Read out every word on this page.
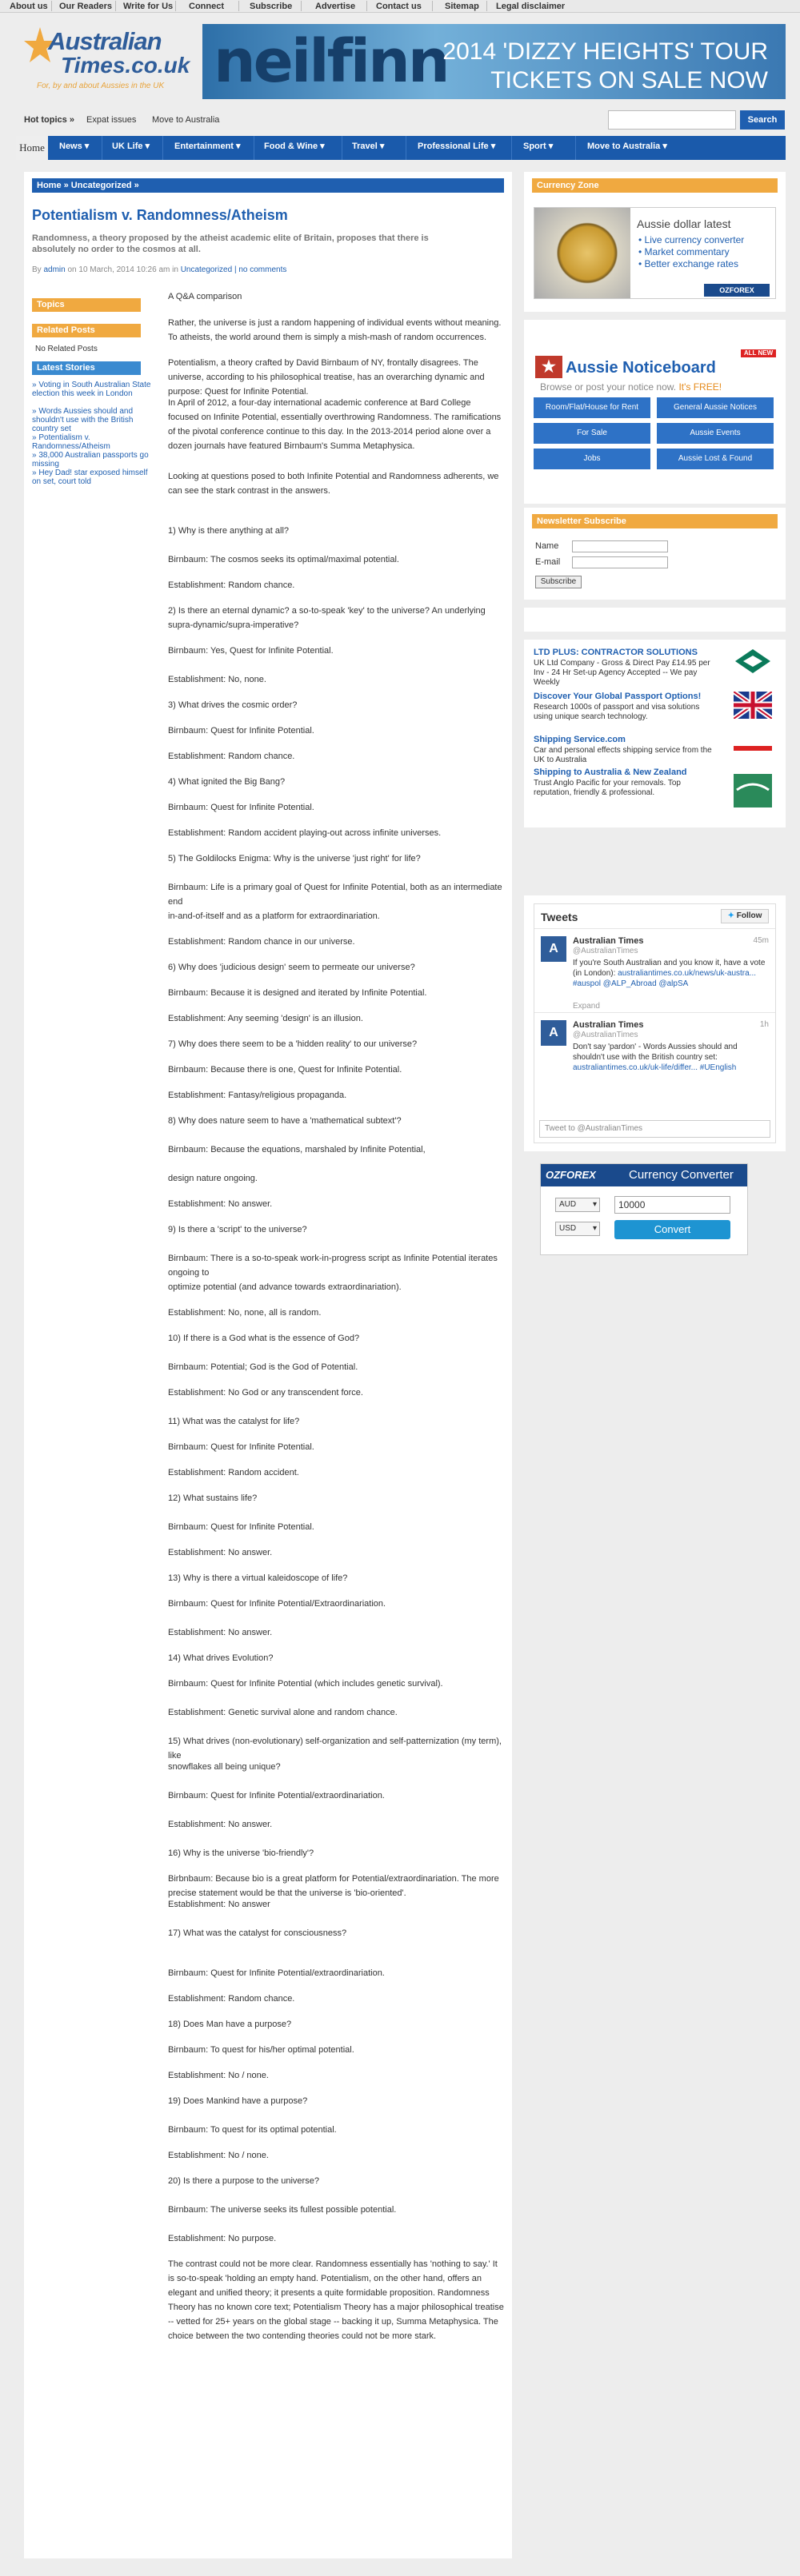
About us Our Readers Write for Us Connect	Subscribe	Advertise Contact us	Sitemap Legal disclaimer
Australian
Times.co.uk
For, by and about Aussies in the UK neilfinn
2014 'DIZZY HEIGHTS' TOUR
TICKETS ON SALE NOW
Hot topics » Expat issues Move to Australia	Search
Home	News ▾	UK Life ▾	Entertainment ▾	Food & Wine ▾	Travel ▾	Professional Life ▾	Sport ▾	Move to Australia ▾
Home » Uncategorized »
Potentialism v. Randomness/Atheism
Randomness, a theory proposed by the atheist academic elite of Britain, proposes that there is absolutely no order to the cosmos at all.
By admin on 10 March, 2014 10:26 am in Uncategorized | no comments
Topics
Related Posts
No Related Posts
Latest Stories
» Voting in South Australian State election this week in London
» Words Aussies should and shouldn't use with the British country set
» Potentialism v. Randomness/Atheism
» 38,000 Australian passports go missing
» Hey Dad! star exposed himself on set, court told
A Q&A comparison
Rather, the universe is just a random happening of individual events without meaning. To atheists, the world around them is simply a mish-mash of random occurrences.
Potentialism, a theory crafted by David Birnbaum of NY, frontally disagrees. The universe, according to his philosophical treatise, has an overarching dynamic and purpose: Quest for Infinite Potential.
In April of 2012, a four-day international academic conference at Bard College focused on Infinite Potential, essentially overthrowing Randomness. The ramifications of the pivotal conference continue to this day. In the 2013-2014 period alone over a dozen journals have featured Birnbaum's Summa Metaphysica.
Looking at questions posed to both Infinite Potential and Randomness adherents, we can see the stark contrast in the answers.
1) Why is there anything at all?
Birnbaum: The cosmos seeks its optimal/maximal potential.
Establishment: Random chance.
2) Is there an eternal dynamic? a so-to-speak 'key' to the universe? An underlying supra-dynamic/supra-imperative?
Birnbaum: Yes, Quest for Infinite Potential.
Establishment: No, none.
3) What drives the cosmic order?
Birnbaum: Quest for Infinite Potential.
Establishment: Random chance.
4) What ignited the Big Bang?
Birnbaum: Quest for Infinite Potential.
Establishment: Random accident playing-out across infinite universes.
5) The Goldilocks Enigma: Why is the universe 'just right' for life?
Birnbaum: Life is a primary goal of Quest for Infinite Potential, both as an intermediate end
in-and-of-itself and as a platform for extraordinariation.
Establishment: Random chance in our universe.
6) Why does 'judicious design' seem to permeate our universe?
Birnbaum: Because it is designed and iterated by Infinite Potential.
Establishment: Any seeming 'design' is an illusion.
7) Why does there seem to be a 'hidden reality' to our universe?
Birnbaum: Because there is one, Quest for Infinite Potential.
Establishment: Fantasy/religious propaganda.
8) Why does nature seem to have a 'mathematical subtext'?
Birnbaum: Because the equations, marshaled by Infinite Potential,
design nature ongoing.
Establishment: No answer.
9) Is there a 'script' to the universe?
Birnbaum: There is a so-to-speak work-in-progress script as Infinite Potential iterates ongoing to
optimize potential (and advance towards extraordinariation).
Establishment: No, none, all is random.
10) If there is a God what is the essence of God?
Birnbaum: Potential; God is the God of Potential.
Establishment: No God or any transcendent force.
11) What was the catalyst for life?
Birnbaum: Quest for Infinite Potential.
Establishment: Random accident.
12) What sustains life?
Birnbaum: Quest for Infinite Potential.
Establishment: No answer.
13) Why is there a virtual kaleidoscope of life?
Birnbaum: Quest for Infinite Potential/Extraordinariation.
Establishment: No answer.
14) What drives Evolution?
Birnbaum: Quest for Infinite Potential (which includes genetic survival).
Establishment: Genetic survival alone and random chance.
15) What drives (non-evolutionary) self-organization and self-patternization (my term), like
snowflakes all being unique?
Birnbaum: Quest for Infinite Potential/extraordinariation.
Establishment: No answer.
16) Why is the universe 'bio-friendly'?
Birbnbaum: Because bio is a great platform for Potential/extraordinariation. The more precise statement would be that the universe is 'bio-oriented'.
Establishment: No answer
17) What was the catalyst for consciousness?
Birnbaum: Quest for Infinite Potential/extraordinariation.
Establishment: Random chance.
18) Does Man have a purpose?
Birnbaum: To quest for his/her optimal potential.
Establishment: No / none.
19) Does Mankind have a purpose?
Birnbaum: To quest for its optimal potential.
Establishment: No / none.
20) Is there a purpose to the universe?
Birnbaum: The universe seeks its fullest possible potential.
Establishment: No purpose.
The contrast could not be more clear. Randomness essentially has 'nothing to say.' It is so-to-speak 'holding an empty hand. Potentialism, on the other hand, offers an elegant and unified theory; it presents a quite formidable proposition. Randomness Theory has no known core text; Potentialism Theory has a major philosophical treatise -- vetted for 25+ years on the global stage -- backing it up, Summa Metaphysica. The choice between the two contending theories could not be more stark.
Currency Zone
Aussie dollar latest
• Live currency converter
• Market commentary
• Better exchange rates
OZFOREX
ALL NEW
★ Aussie Noticeboard
Browse or post your notice now. It's FREE!
Room/Flat/House for Rent	General Aussie Notices
For Sale	Aussie Events
Jobs	Aussie Lost & Found
Newsletter Subscribe
Name
E-mail
Subscribe
LTD PLUS: CONTRACTOR SOLUTIONS
UK Ltd Company - Gross & Direct Pay £14.95 per Inv - 24 Hr Set-up Agency Accepted -- We pay Weekly
Discover Your Global Passport Options!
Research 1000s of passport and visa solutions using unique search technology.
Shipping Service.com
Car and personal effects shipping service from the UK to Australia
Shipping to Australia & New Zealand
Trust Anglo Pacific for your removals. Top reputation, friendly & professional.
Tweets	✦ Follow
A
Australian Times
@AustralianTimes
45m
If you're South Australian and you know it, have a vote (in London): australiantimes.co.uk/news/uk-austra... #auspol @ALP_Abroad @alpSA
Expand
A
Australian Times
@AustralianTimes
1h
Don't say 'pardon' - Words Aussies should and shouldn't use with the British country set: australiantimes.co.uk/uk-life/differ... #UEnglish
Tweet to @AustralianTimes
OZFOREX	Currency Converter
AUD ▾
USD ▾
10000
Convert
